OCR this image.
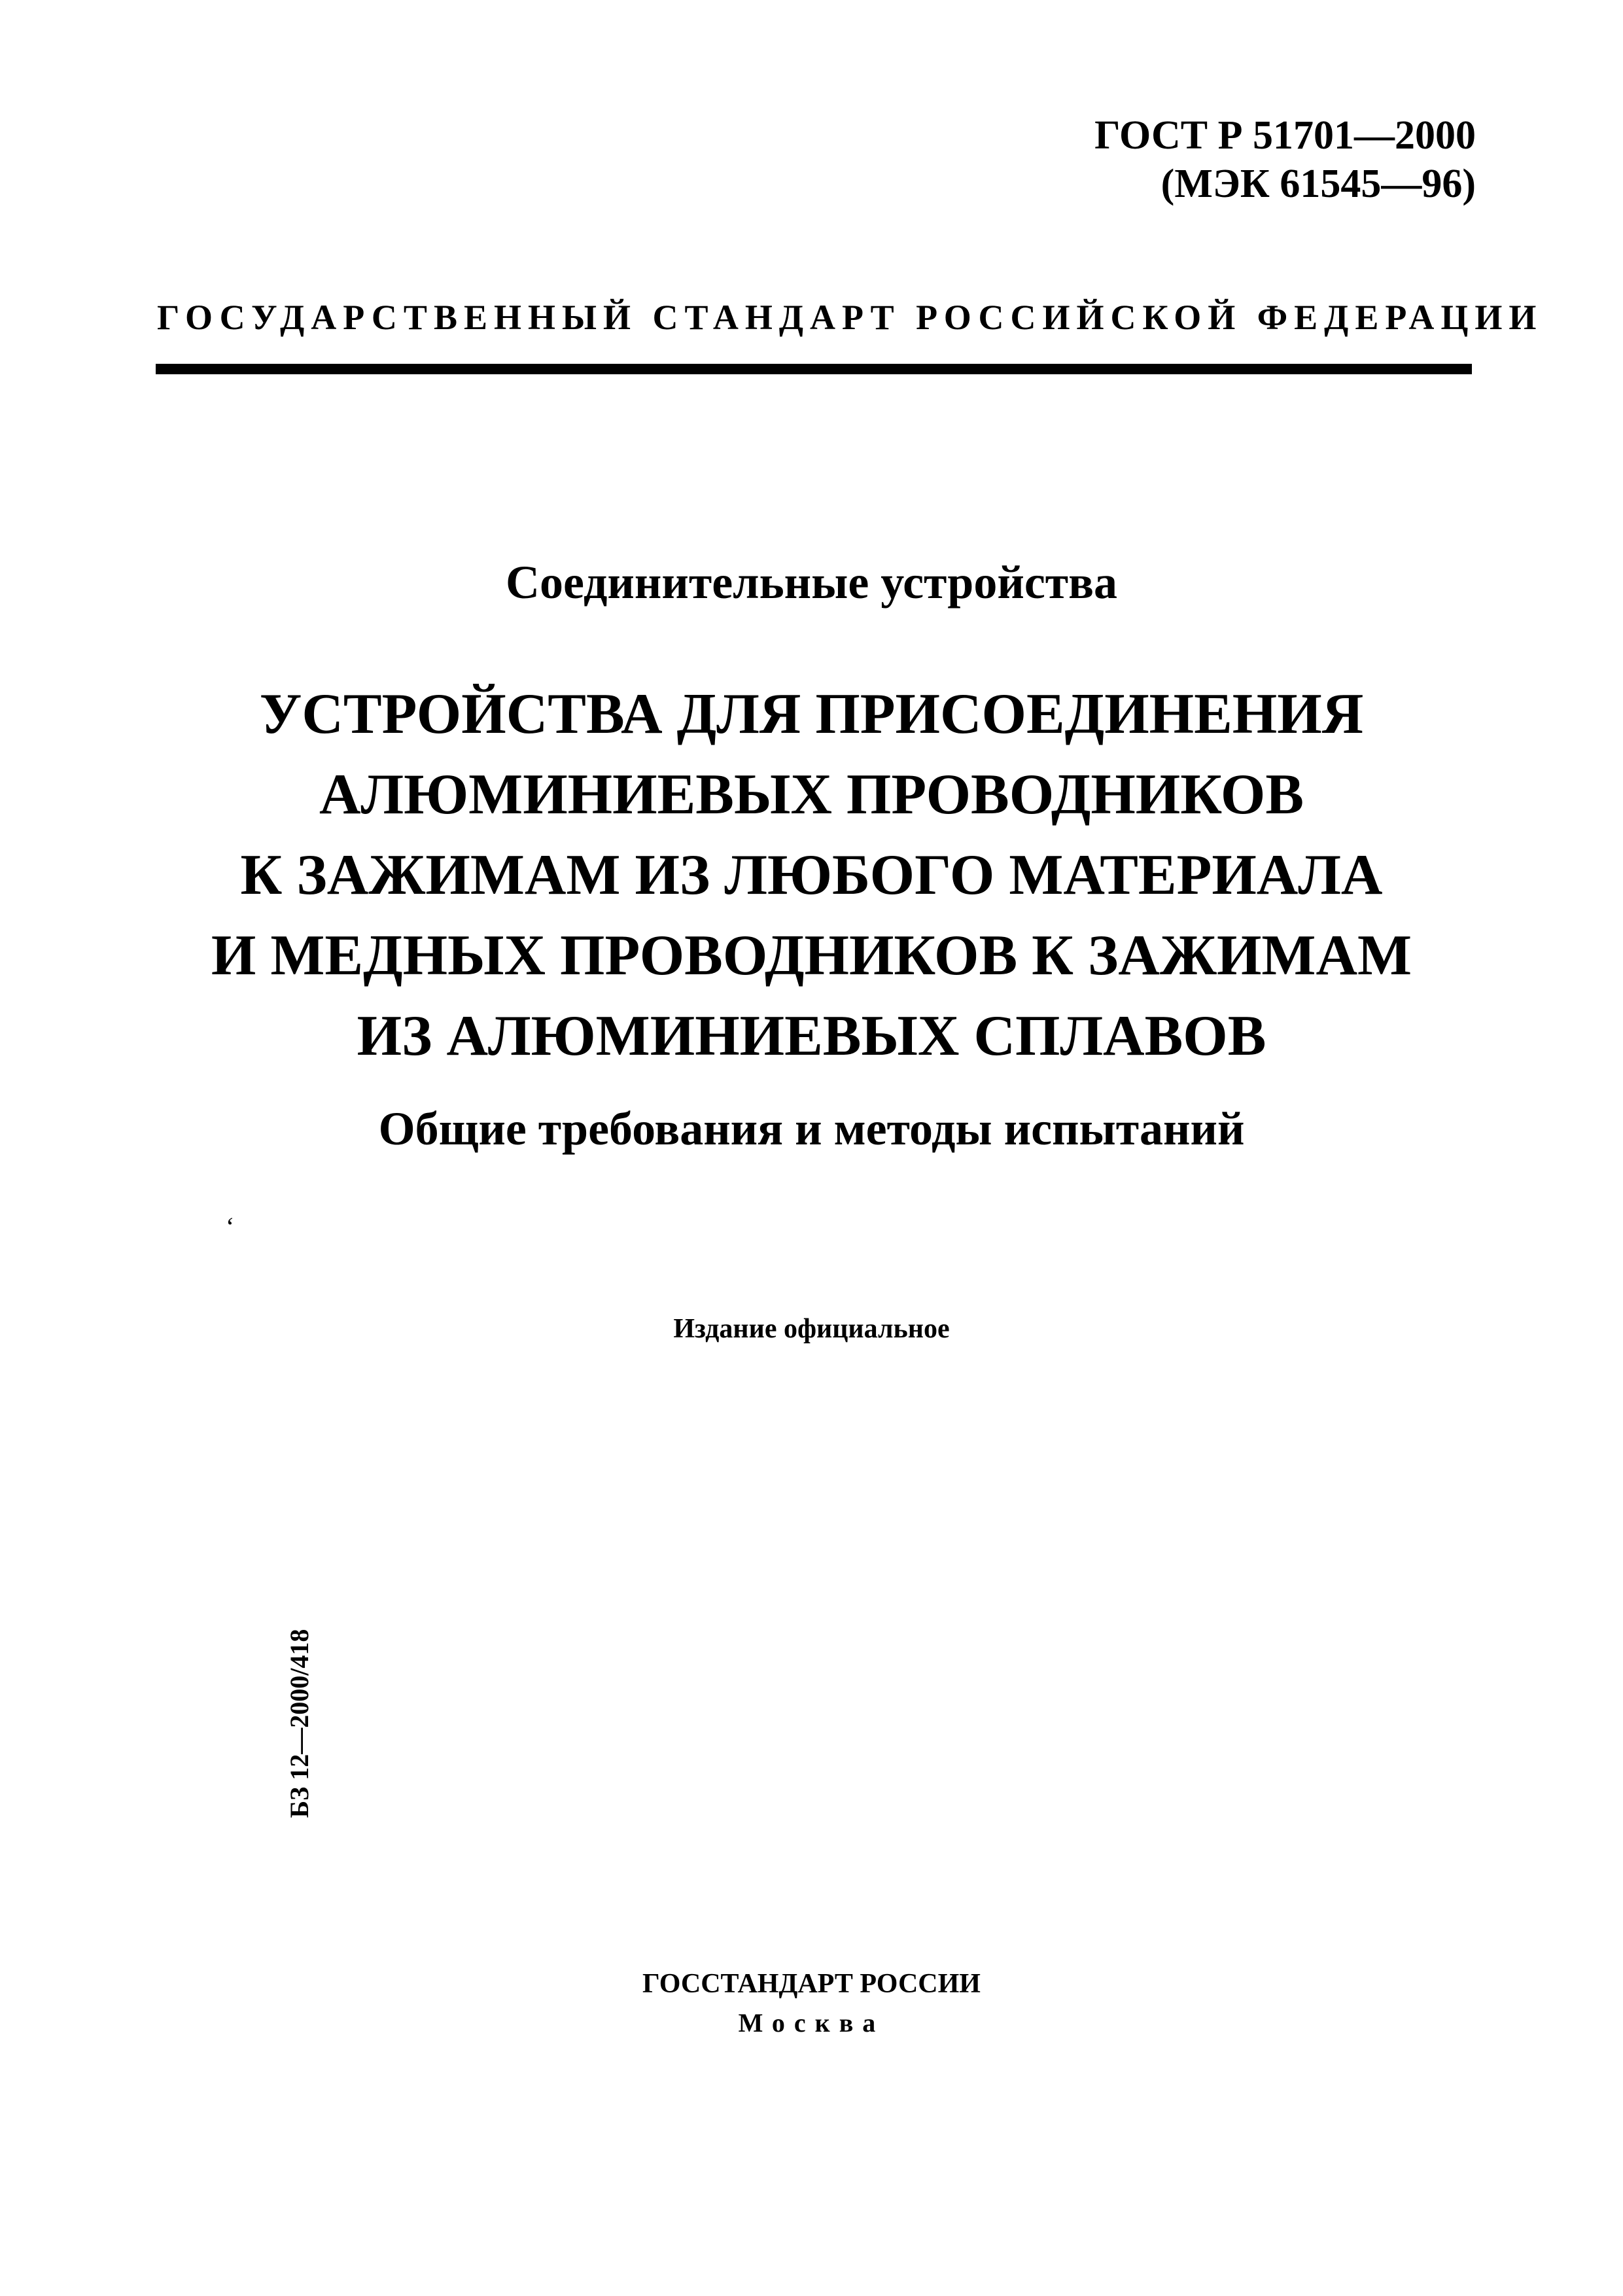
ГОСТ Р 51701—2000
(МЭК 61545—96)
ГОСУДАРСТВЕННЫЙ СТАНДАРТ РОССИЙСКОЙ ФЕДЕРАЦИИ
Соединительные устройства
УСТРОЙСТВА ДЛЯ ПРИСОЕДИНЕНИЯ
АЛЮМИНИЕВЫХ ПРОВОДНИКОВ
К ЗАЖИМАМ ИЗ ЛЮБОГО МАТЕРИАЛА
И МЕДНЫХ ПРОВОДНИКОВ К ЗАЖИМАМ
ИЗ АЛЮМИНИЕВЫХ СПЛАВОВ
Общие требования и методы испытаний
‘
Издание официальное
БЗ 12—2000/418
ГОССТАНДАРТ РОССИИ
Москва
